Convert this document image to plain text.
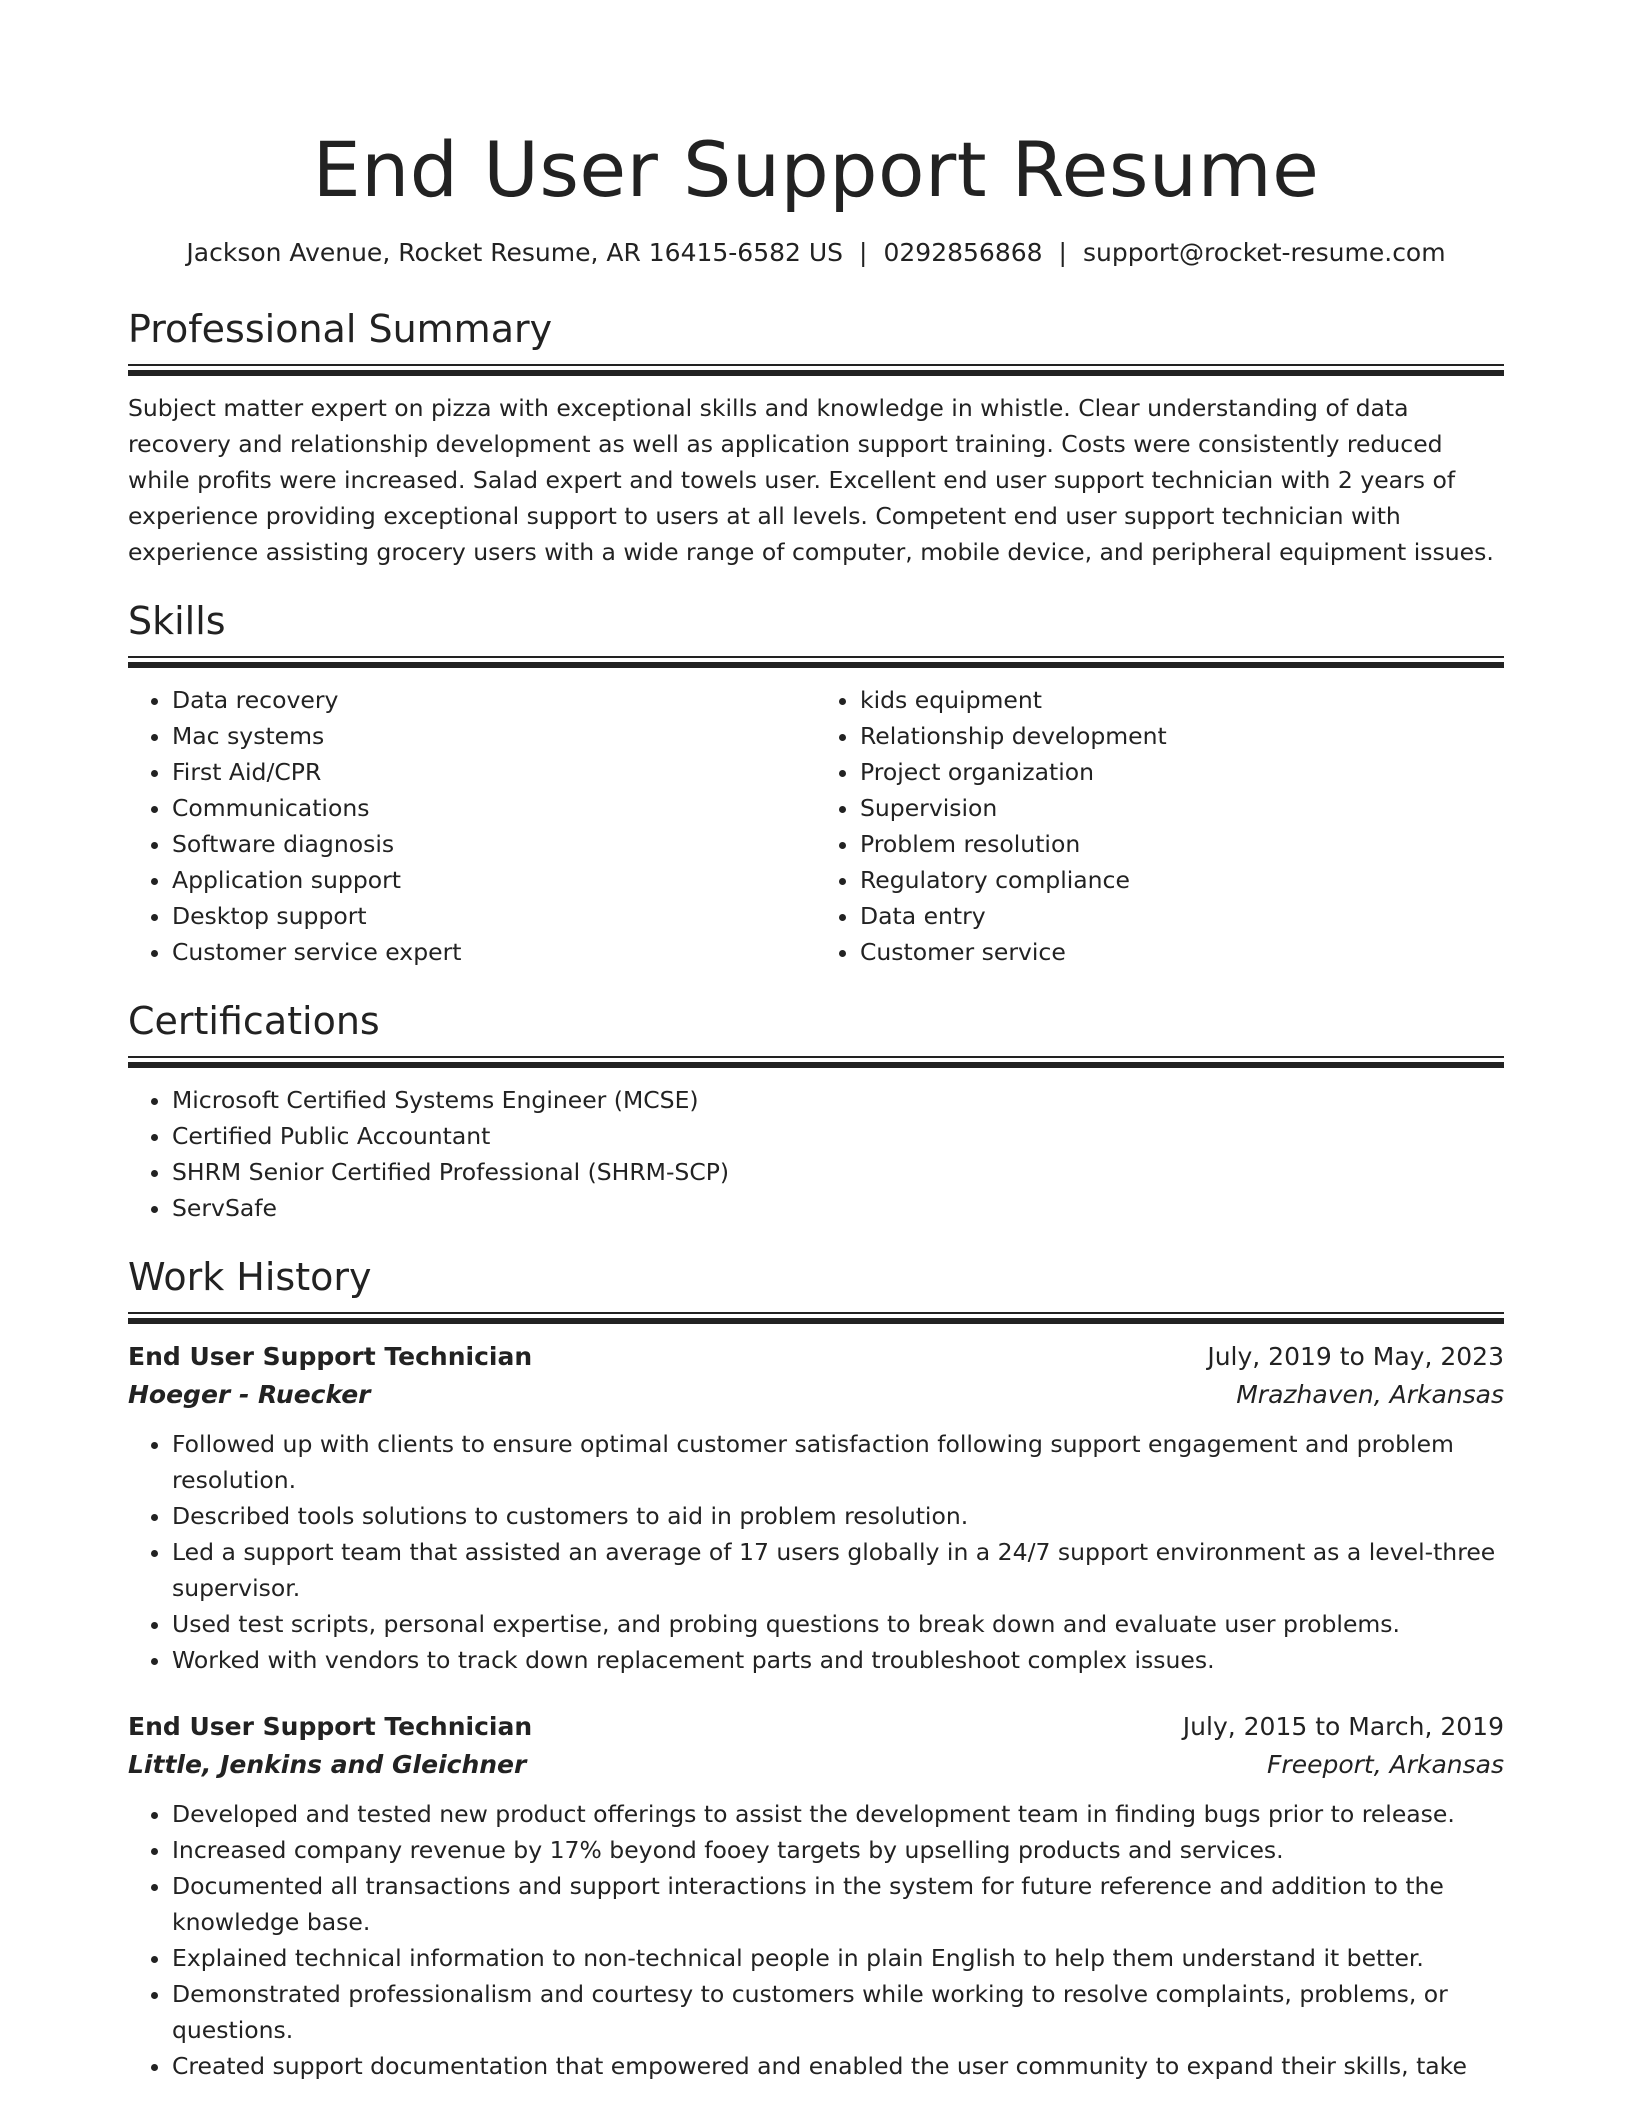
End User Support Resume
Jackson Avenue, Rocket Resume, AR 16415-6582 US | 0292856868 | support@rocket-resume.com
Professional Summary

Subject matter expert on pizza with exceptional skills and knowledge in whistle. Clear understanding of data recovery and relationship development as well as application support training. Costs were consistently reduced while profits were increased. Salad expert and towels user. Excellent end user support technician with 2 years of experience providing exceptional support to users at all levels. Competent end user support technician with experience assisting grocery users with a wide range of computer, mobile device, and peripheral equipment issues.

Skills
• Data recovery
• Mac systems
• First Aid/CPR
• Communications
• Software diagnosis
• Application support
• Desktop support
• Customer service expert
• kids equipment
• Relationship development
• Project organization
• Supervision
• Problem resolution
• Regulatory compliance
• Data entry
• Customer service
Certifications
• Microsoft Certified Systems Engineer (MCSE)
• Certified Public Accountant
• SHRM Senior Certified Professional (SHRM-SCP)
• ServSafe
Work History
End User Support Technician	July, 2019 to May, 2023
Hoeger - Ruecker	Mrazhaven, Arkansas
• Followed up with clients to ensure optimal customer satisfaction following support engagement and problem resolution.
• Described tools solutions to customers to aid in problem resolution.
• Led a support team that assisted an average of 17 users globally in a 24/7 support environment as a level-three supervisor.
• Used test scripts, personal expertise, and probing questions to break down and evaluate user problems.
• Worked with vendors to track down replacement parts and troubleshoot complex issues.
End User Support Technician	July, 2015 to March, 2019
Little, Jenkins and Gleichner	Freeport, Arkansas
• Developed and tested new product offerings to assist the development team in finding bugs prior to release.
• Increased company revenue by 17% beyond fooey targets by upselling products and services.
• Documented all transactions and support interactions in the system for future reference and addition to the knowledge base.
• Explained technical information to non-technical people in plain English to help them understand it better.
• Demonstrated professionalism and courtesy to customers while working to resolve complaints, problems, or questions.
• Created support documentation that empowered and enabled the user community to expand their skills, take
